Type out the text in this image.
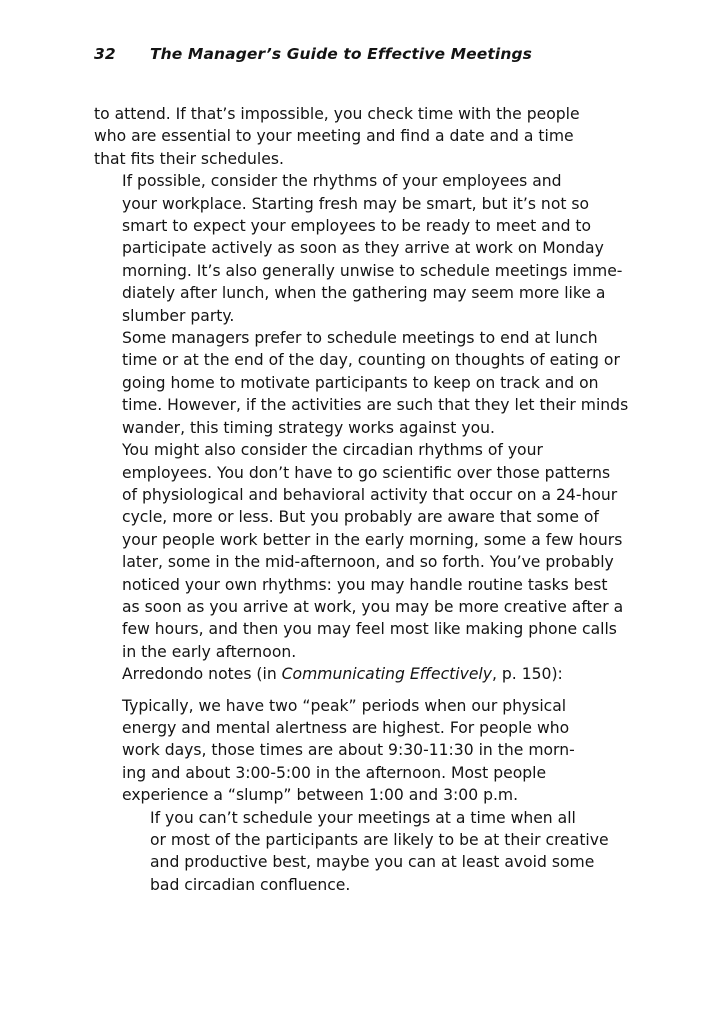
32 The Manager’s Guide to Effective Meetings

to attend. If that’s impossible, you check time with the people
who are essential to your meeting and find a date and a time
that fits their schedules.

If possible, consider the rhythms of your employees and
your workplace. Starting fresh may be smart, but it’s not so
smart to expect your employees to be ready to meet and to
participate actively as soon as they arrive at work on Monday
morning. It’s also generally unwise to schedule meetings imme-
diately after lunch, when the gathering may seem more like a
slumber party.

Some managers prefer to schedule meetings to end at lunch
time or at the end of the day, counting on thoughts of eating or
going home to motivate participants to keep on track and on
time. However, if the activities are such that they let their minds
wander, this timing strategy works against you.

You might also consider the circadian rhythms of your
employees. You don’t have to go scientific over those patterns
of physiological and behavioral activity that occur on a 24-hour
cycle, more or less. But you probably are aware that some of
your people work better in the early morning, some a few hours
later, some in the mid-afternoon, and so forth. You’ve probably
noticed your own rhythms: you may handle routine tasks best
as soon as you arrive at work, you may be more creative after a
few hours, and then you may feel most like making phone calls
in the early afternoon.

Arredondo notes (in Communicating Effectively, p. 150):

Typically, we have two “peak” periods when our physical
energy and mental alertness are highest. For people who
work days, those times are about 9:30-11:30 in the morn-
ing and about 3:00-5:00 in the afternoon. Most people
experience a “slump” between 1:00 and 3:00 p.m.

If you can’t schedule your meetings at a time when all
or most of the participants are likely to be at their creative
and productive best, maybe you can at least avoid some
bad circadian confluence.
